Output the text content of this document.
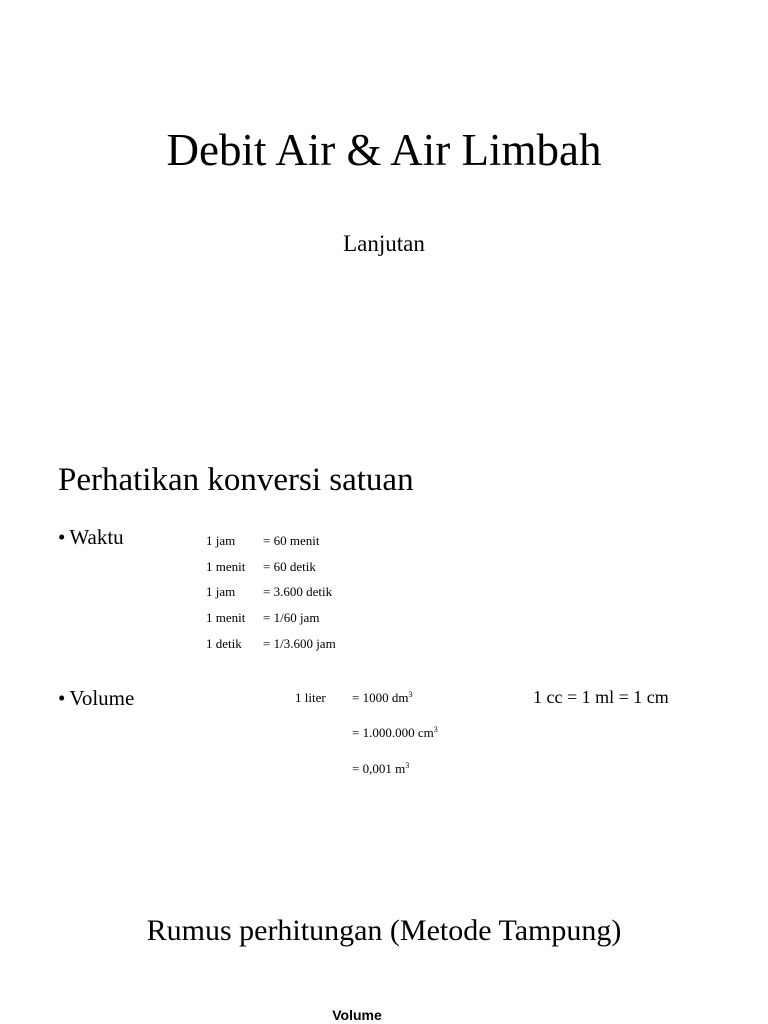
Debit Air & Air Limbah
Lanjutan
Perhatikan konversi satuan
• Waktu	1 jam = 60 menit
1 menit = 60 detik
1 jam = 3.600 detik
1 menit = 1/60 jam
1 detik = 1/3.600 jam
• Volume	1 liter = 1000 $dm^3$
= 1.000.000 $cm^3$
= 0,001 $m^3$
1 cc = 1 ml = 1 cm
Rumus perhitungan (Metode Tampung)
Volume
